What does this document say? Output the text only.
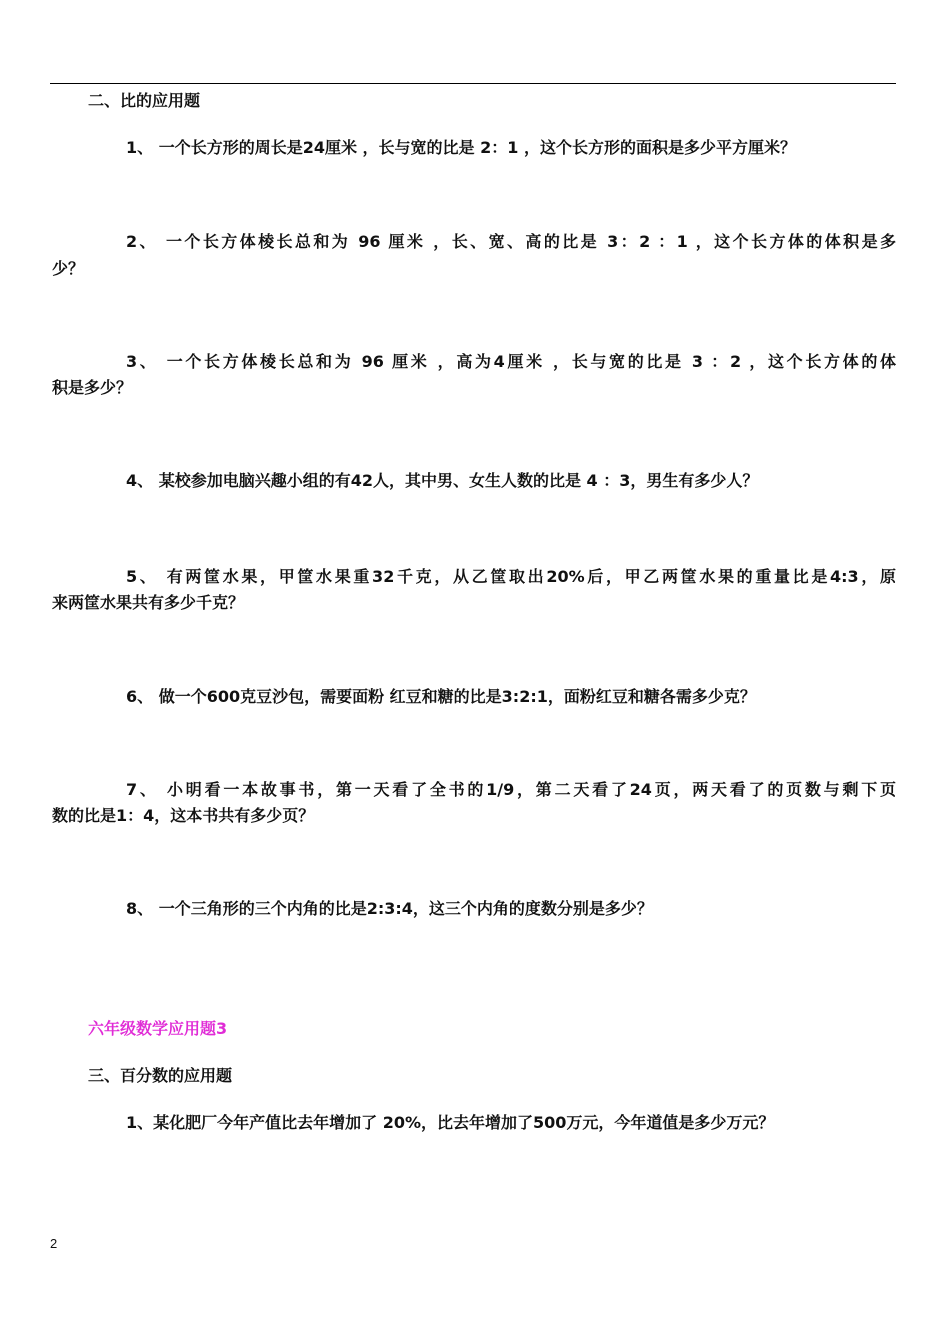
二、比的应用题
1、 一个长方形的周长是24厘米 ，长与宽的比是 2：1 ，这个长方形的面积是多少平方厘米？
2、 一个长方体棱长总和为 96 厘米 ，长、宽、高的比是 3：2 ：1 ，这个长方体的体积是多
少？
3、 一个长方体棱长总和为 96 厘米 ，高为4厘米 ，长与宽的比是 3 ：2 ，这个长方体的体
积是多少？
4、 某校参加电脑兴趣小组的有42人，其中男、女生人数的比是 4 ：3，男生有多少人？
5、 有两筐水果，甲筐水果重32千克，从乙筐取出20%后，甲乙两筐水果的重量比是4:3，原
来两筐水果共有多少千克？
6、 做一个600克豆沙包，需要面粉 红豆和糖的比是3:2:1，面粉红豆和糖各需多少克？
7、 小明看一本故事书，第一天看了全书的1/9，第二天看了24页，两天看了的页数与剩下页
数的比是1：4，这本书共有多少页？
8、 一个三角形的三个内角的比是2:3:4，这三个内角的度数分别是多少？
六年级数学应用题3
三、百分数的应用题
1、某化肥厂今年产值比去年增加了 20%，比去年增加了500万元，今年道值是多少万元？
2
